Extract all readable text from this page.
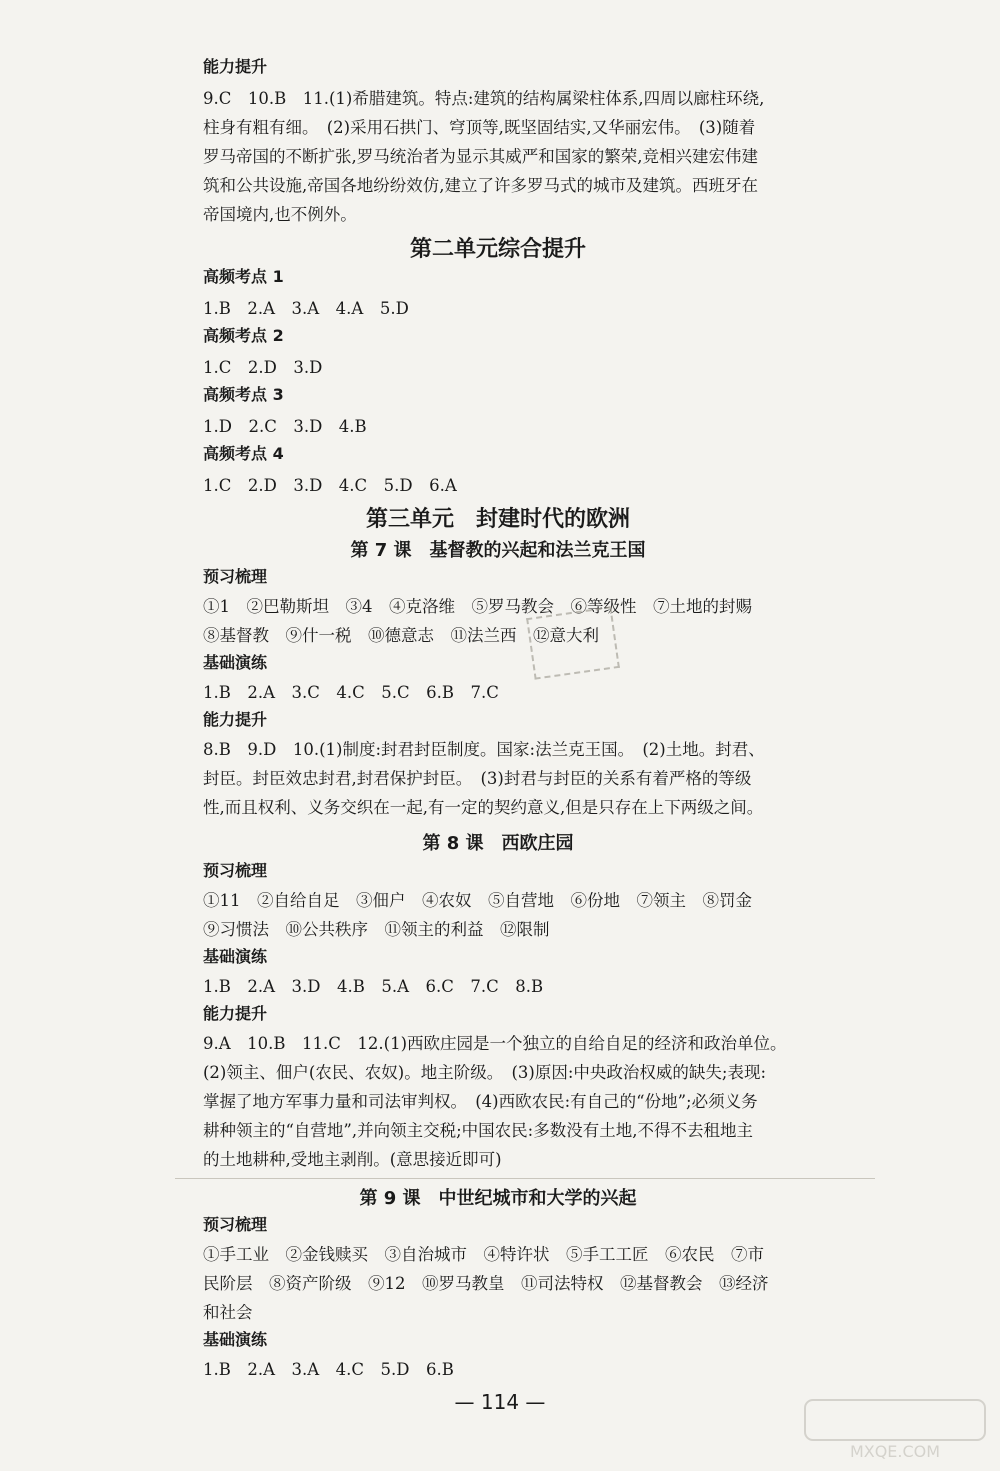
能力提升
9.C　10.B　11.(1)希腊建筑。特点:建筑的结构属梁柱体系,四周以廊柱环绕,
柱身有粗有细。　(2)采用石拱门、穹顶等,既坚固结实,又华丽宏伟。　(3)随着
罗马帝国的不断扩张,罗马统治者为显示其威严和国家的繁荣,竞相兴建宏伟建
筑和公共设施,帝国各地纷纷效仿,建立了许多罗马式的城市及建筑。西班牙在
帝国境内,也不例外。
第二单元综合提升
高频考点 1
1.B　2.A　3.A　4.A　5.D
高频考点 2
1.C　2.D　3.D
高频考点 3
1.D　2.C　3.D　4.B
高频考点 4
1.C　2.D　3.D　4.C　5.D　6.A
第三单元　封建时代的欧洲
第 7 课　基督教的兴起和法兰克王国
预习梳理
①1　②巴勒斯坦　③4　④克洛维　⑤罗马教会　⑥等级性　⑦土地的封赐
⑧基督教　⑨什一税　⑩德意志　⑪法兰西　⑫意大利
基础演练
1.B　2.A　3.C　4.C　5.C　6.B　7.C
能力提升
8.B　9.D　10.(1)制度:封君封臣制度。国家:法兰克王国。　(2)土地。封君、
封臣。封臣效忠封君,封君保护封臣。　(3)封君与封臣的关系有着严格的等级
性,而且权利、义务交织在一起,有一定的契约意义,但是只存在上下两级之间。
第 8 课　西欧庄园
预习梳理
①11　②自给自足　③佃户　④农奴　⑤自营地　⑥份地　⑦领主　⑧罚金
⑨习惯法　⑩公共秩序　⑪领主的利益　⑫限制
基础演练
1.B　2.A　3.D　4.B　5.A　6.C　7.C　8.B
能力提升
9.A　10.B　11.C　12.(1)西欧庄园是一个独立的自给自足的经济和政治单位。
(2)领主、佃户(农民、农奴)。地主阶级。　(3)原因:中央政治权威的缺失;表现:
掌握了地方军事力量和司法审判权。　(4)西欧农民:有自己的“份地”;必须义务
耕种领主的“自营地”,并向领主交税;中国农民:多数没有土地,不得不去租地主
的土地耕种,受地主剥削。(意思接近即可)
第 9 课　中世纪城市和大学的兴起
预习梳理
①手工业　②金钱赎买　③自治城市　④特许状　⑤手工工匠　⑥农民　⑦市
民阶层　⑧资产阶级　⑨12　⑩罗马教皇　⑪司法特权　⑫基督教会　⑬经济
和社会
基础演练
1.B　2.A　3.A　4.C　5.D　6.B
— 114 —
MXQE.COM
